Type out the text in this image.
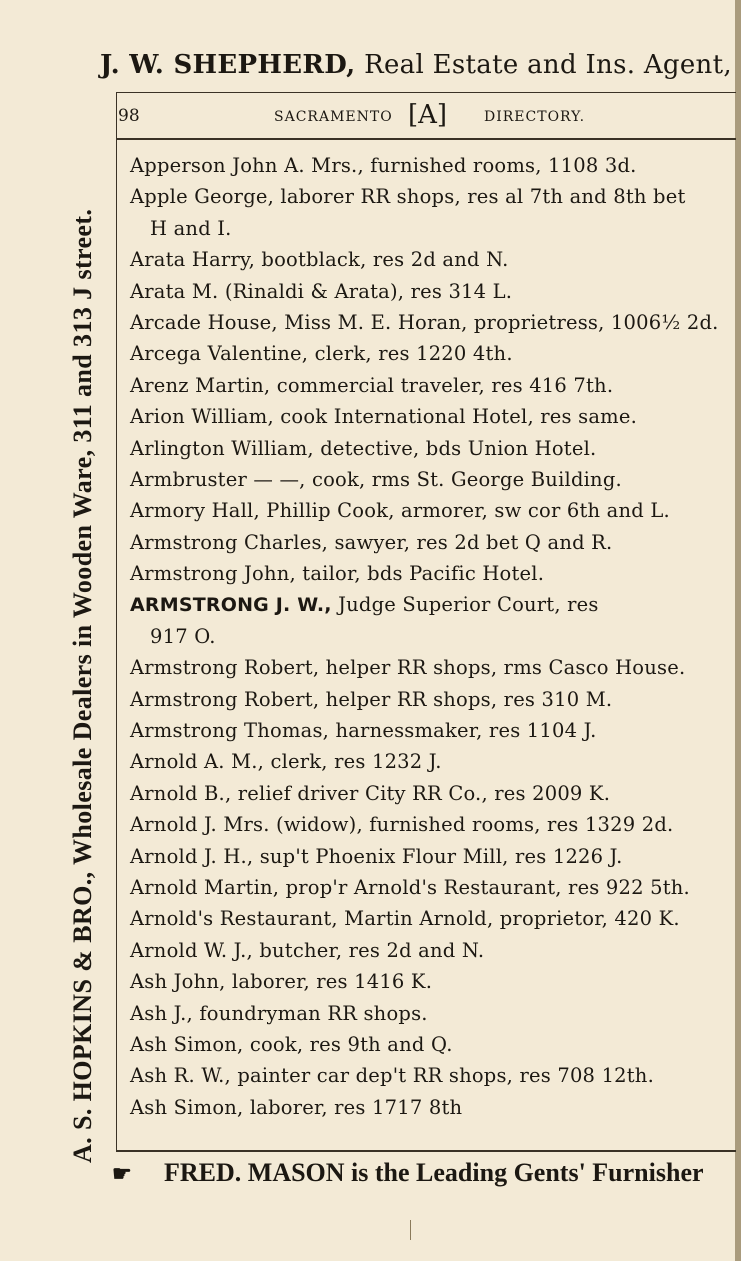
J. W. SHEPHERD, Real Estate and Ins. Agent,
A. S. HOPKINS & BRO., Wholesale Dealers in Wooden Ware, 311 and 313 J street.
98	SACRAMENTO [A]	DIRECTORY.
Apperson John A. Mrs., furnished rooms, 1108 3d.
Apple George, laborer RR shops, res al 7th and 8th bet
H and I.
Arata Harry, bootblack, res 2d and N.
Arata M. (Rinaldi & Arata), res 314 L.
Arcade House, Miss M. E. Horan, proprietress, 1006½ 2d.
Arcega Valentine, clerk, res 1220 4th.
Arenz Martin, commercial traveler, res 416 7th.
Arion William, cook International Hotel, res same.
Arlington William, detective, bds Union Hotel.
Armbruster — —, cook, rms St. George Building.
Armory Hall, Phillip Cook, armorer, sw cor 6th and L.
Armstrong Charles, sawyer, res 2d bet Q and R.
Armstrong John, tailor, bds Pacific Hotel.
ARMSTRONG J. W., Judge Superior Court, res
917 O.
Armstrong Robert, helper RR shops, rms Casco House.
Armstrong Robert, helper RR shops, res 310 M.
Armstrong Thomas, harnessmaker, res 1104 J.
Arnold A. M., clerk, res 1232 J.
Arnold B., relief driver City RR Co., res 2009 K.
Arnold J. Mrs. (widow), furnished rooms, res 1329 2d.
Arnold J. H., sup't Phoenix Flour Mill, res 1226 J.
Arnold Martin, prop'r Arnold's Restaurant, res 922 5th.
Arnold's Restaurant, Martin Arnold, proprietor, 420 K.
Arnold W. J., butcher, res 2d and N.
Ash John, laborer, res 1416 K.
Ash J., foundryman RR shops.
Ash Simon, cook, res 9th and Q.
Ash R. W., painter car dep't RR shops, res 708 12th.
Ash Simon, laborer, res 1717 8th
☛ FRED. MASON is the Leading Gents' Furnisher
